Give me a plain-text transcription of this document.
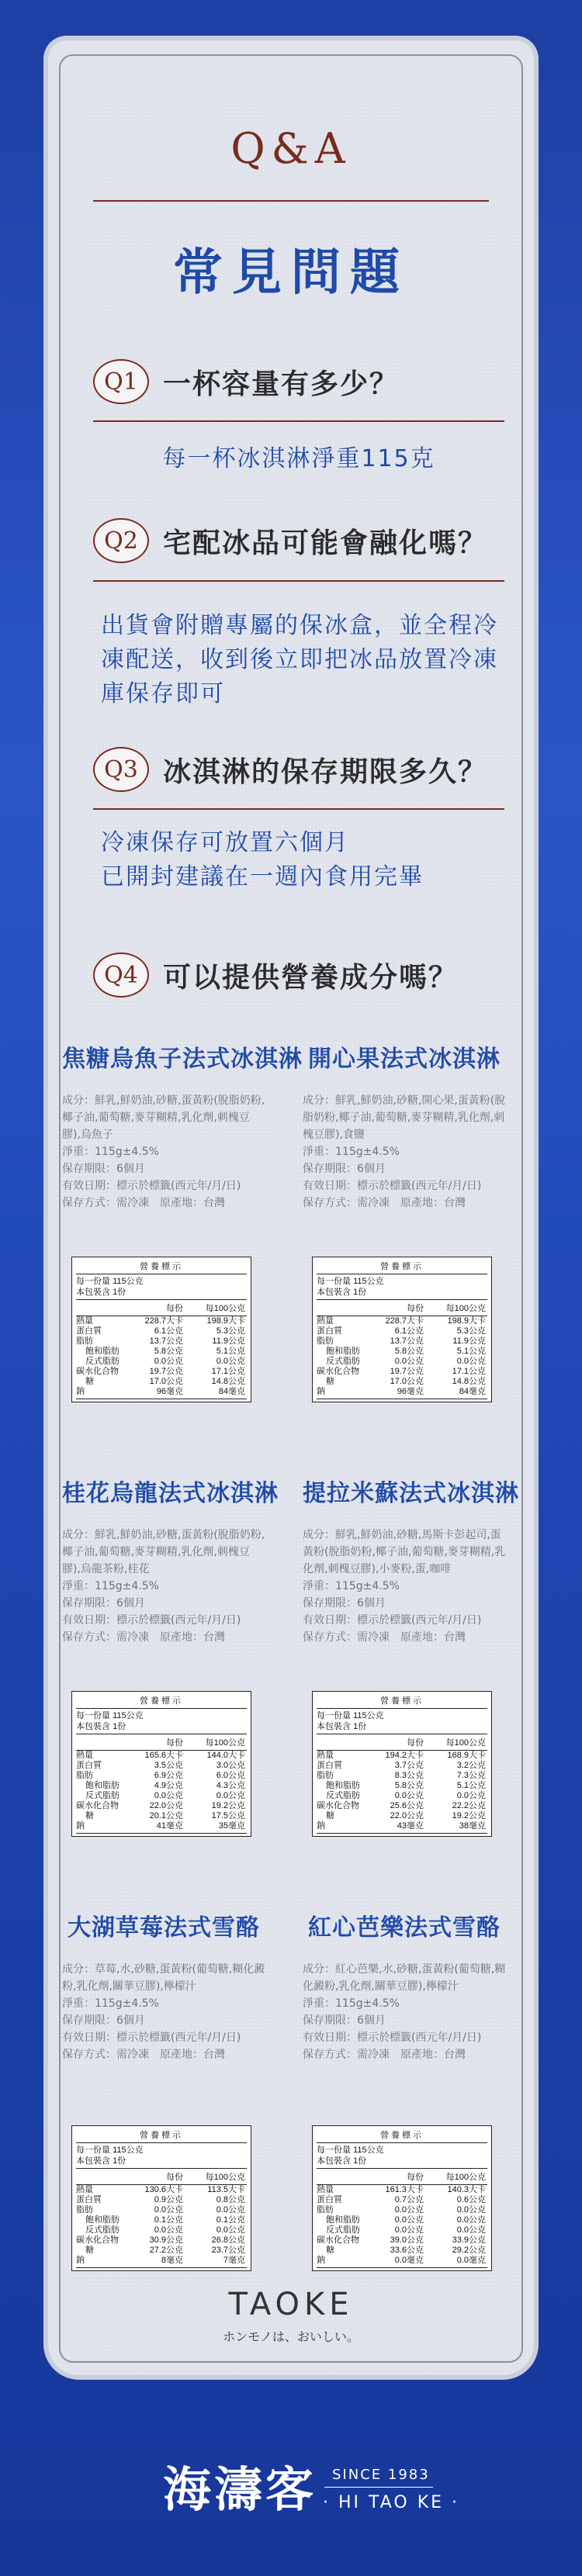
Q&A
常見問題
Q1 一杯容量有多少？
每一杯冰淇淋淨重115克
Q2 宅配冰品可能會融化嗎？
出貨會附贈專屬的保冰盒，並全程冷凍配送，收到後立即把冰品放置冷凍庫保存即可
Q3 冰淇淋的保存期限多久？
冷凍保存可放置六個月
已開封建議在一週內食用完畢
Q4 可以提供營養成分嗎？
焦糖烏魚子法式冰淇淋
成分：鮮乳,鮮奶油,砂糖,蛋黃粉(脫脂奶粉,椰子油,葡萄糖,麥芽糊精,乳化劑,刺槐豆膠),烏魚子
淨重：115g±4.5%
保存期限：6個月
有效日期：標示於標籤(西元年/月/日)
保存方式：需冷凍　原產地：台灣
營養標示
每一份量 115公克
本包裝含 1份
每份	每100公克
熱量	228.7大卡	198.9大卡
蛋白質	6.1公克	5.3公克
脂肪	13.7公克	11.9公克
飽和脂肪	5.8公克	5.1公克
反式脂肪	0.0公克	0.0公克
碳水化合物	19.7公克	17.1公克
糖	17.0公克	14.8公克
鈉	96毫克	84毫克
開心果法式冰淇淋
成分：鮮乳,鮮奶油,砂糖,開心果,蛋黃粉(脫脂奶粉,椰子油,葡萄糖,麥芽糊精,乳化劑,刺槐豆膠),食鹽
淨重：115g±4.5%
保存期限：6個月
有效日期：標示於標籤(西元年/月/日)
保存方式：需冷凍　原產地：台灣
營養標示
每一份量 115公克
本包裝含 1份
每份	每100公克
熱量	228.7大卡	198.9大卡
蛋白質	6.1公克	5.3公克
脂肪	13.7公克	11.9公克
飽和脂肪	5.8公克	5.1公克
反式脂肪	0.0公克	0.0公克
碳水化合物	19.7公克	17.1公克
糖	17.0公克	14.8公克
鈉	96毫克	84毫克
桂花烏龍法式冰淇淋
成分：鮮乳,鮮奶油,砂糖,蛋黃粉(脫脂奶粉,椰子油,葡萄糖,麥芽糊精,乳化劑,刺槐豆膠),烏龍茶粉,桂花
淨重：115g±4.5%
保存期限：6個月
有效日期：標示於標籤(西元年/月/日)
保存方式：需冷凍　原產地：台灣
營養標示
每一份量 115公克
本包裝含 1份
每份	每100公克
熱量	165.6大卡	144.0大卡
蛋白質	3.5公克	3.0公克
脂肪	6.9公克	6.0公克
飽和脂肪	4.9公克	4.3公克
反式脂肪	0.0公克	0.0公克
碳水化合物	22.0公克	19.2公克
糖	20.1公克	17.5公克
鈉	41毫克	35毫克
提拉米蘇法式冰淇淋
成分：鮮乳,鮮奶油,砂糖,馬斯卡彭起司,蛋黃粉(脫脂奶粉,椰子油,葡萄糖,麥芽糊精,乳化劑,刺槐豆膠),小麥粉,蛋,咖啡
淨重：115g±4.5%
保存期限：6個月
有效日期：標示於標籤(西元年/月/日)
保存方式：需冷凍　原產地：台灣
營養標示
每一份量 115公克
本包裝含 1份
每份	每100公克
熱量	194.2大卡	168.9大卡
蛋白質	3.7公克	3.2公克
脂肪	8.3公克	7.3公克
飽和脂肪	5.8公克	5.1公克
反式脂肪	0.0公克	0.0公克
碳水化合物	25.6公克	22.2公克
糖	22.0公克	19.2公克
鈉	43毫克	38毫克
大湖草莓法式雪酪
成分：草莓,水,砂糖,蛋黃粉(葡萄糖,糊化澱粉,乳化劑,關華豆膠),檸檬汁
淨重：115g±4.5%
保存期限：6個月
有效日期：標示於標籤(西元年/月/日)
保存方式：需冷凍　原產地：台灣
營養標示
每一份量 115公克
本包裝含 1份
每份	每100公克
熱量	130.6大卡	113.5大卡
蛋白質	0.9公克	0.8公克
脂肪	0.0公克	0.0公克
飽和脂肪	0.1公克	0.1公克
反式脂肪	0.0公克	0.0公克
碳水化合物	30.9公克	26.8公克
糖	27.2公克	23.7公克
鈉	8毫克	7毫克
紅心芭樂法式雪酪
成分：紅心芭樂,水,砂糖,蛋黃粉(葡萄糖,糊化澱粉,乳化劑,關華豆膠),檸檬汁
淨重：115g±4.5%
保存期限：6個月
有效日期：標示於標籤(西元年/月/日)
保存方式：需冷凍　原產地：台灣
營養標示
每一份量 115公克
本包裝含 1份
每份	每100公克
熱量	161.3大卡	140.3大卡
蛋白質	0.7公克	0.6公克
脂肪	0.0公克	0.0公克
飽和脂肪	0.0公克	0.0公克
反式脂肪	0.0公克	0.0公克
碳水化合物	39.0公克	33.9公克
糖	33.6公克	29.2公克
鈉	0.0毫克	0.0毫克
TAOKE
ホンモノは、おいしい。
海濤客 SINCE 1983
· HI TAO KE ·
